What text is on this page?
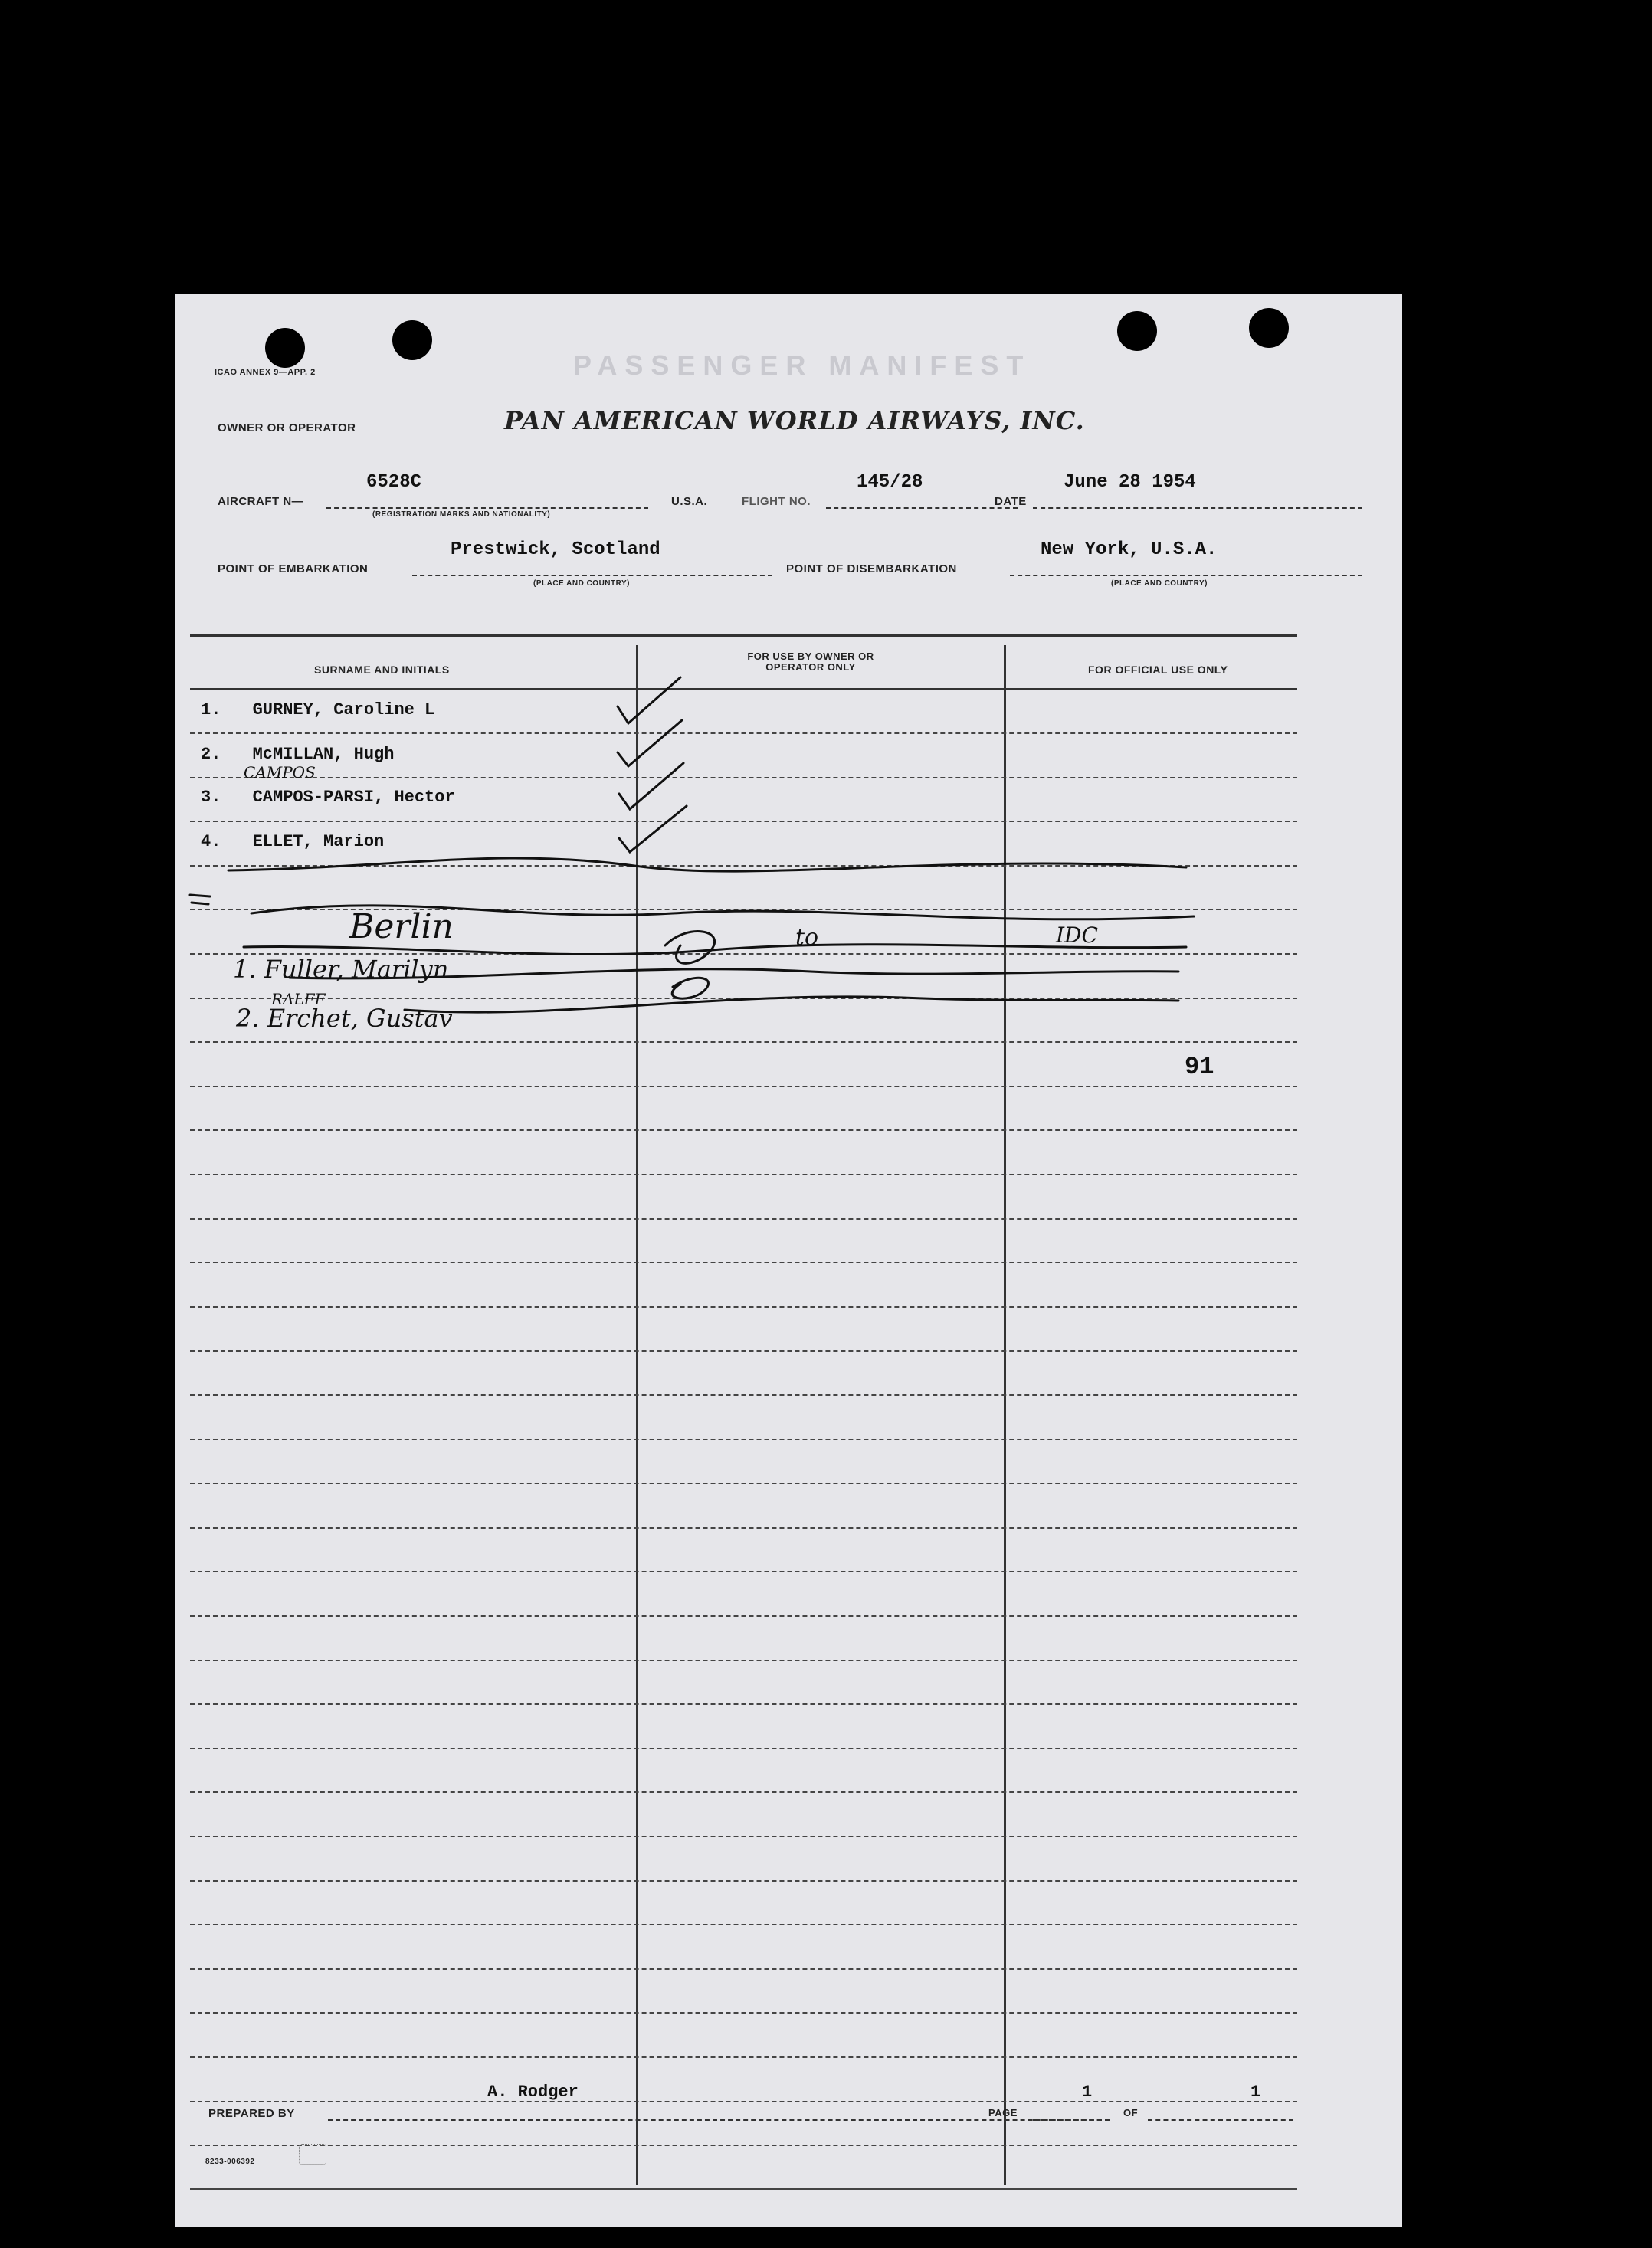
ICAO ANNEX 9—APP. 2	PASSENGER MANIFEST
OWNER OR OPERATOR	PAN AMERICAN WORLD AIRWAYS, INC.
AIRCRAFT N—
6528C
(REGISTRATION MARKS AND NATIONALITY)
U.S.A.	FLIGHT NO.
145/28
DATE
June 28 1954
POINT OF EMBARKATION
Prestwick, Scotland
(PLACE AND COUNTRY)
POINT OF DISEMBARKATION
New York, U.S.A.
(PLACE AND COUNTRY)
SURNAME AND INITIALS
FOR USE BY OWNER OR OPERATOR ONLY	FOR OFFICIAL USE ONLY
1. GURNEY, Caroline L
2. McMILLAN, Hugh
CAMPOS
3. CAMPOS-PARSI, Hector
4. ELLET, Marion
Berlin	to	IDC
1. Fuller, Marilyn
RALFF
2. Erchet, Gustav
91
PREPARED BY
A. Rodger
PAGE
1
OF
1
8233-006392
